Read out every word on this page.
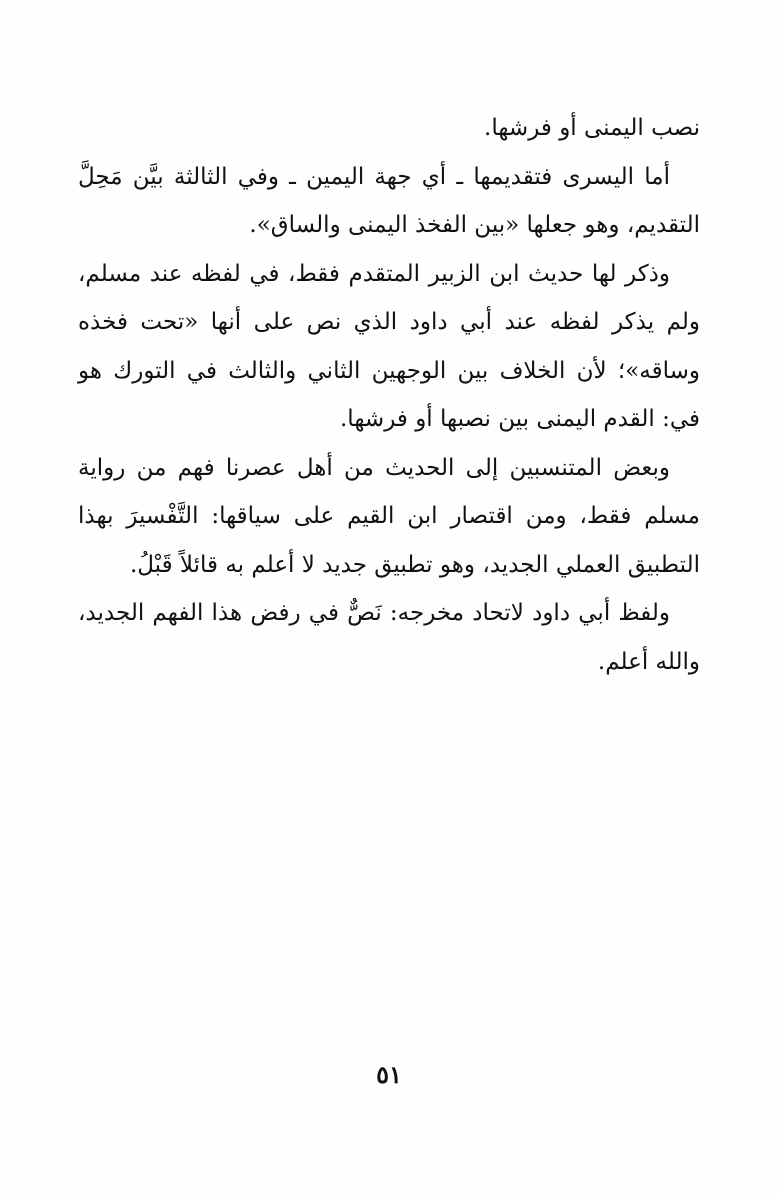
نصب اليمنى أو فرشها.

أما اليسرى فتقديمها ـ أي جهة اليمين ـ وفي الثالثة بيَّن مَحِلَّ التقديم، وهو جعلها «بين الفخذ اليمنى والساق».

وذكر لها حديث ابن الزبير المتقدم فقط، في لفظه عند مسلم، ولم يذكر لفظه عند أبي داود الذي نص على أنها «تحت فخذه وساقه»؛ لأن الخلاف بين الوجهين الثاني والثالث في التورك هو في: القدم اليمنى بين نصبها أو فرشها.

وبعض المتنسبين إلى الحديث من أهل عصرنا فهم من رواية مسلم فقط، ومن اقتصار ابن القيم على سياقها: التَّفْسيرَ بهذا التطبيق العملي الجديد، وهو تطبيق جديد لا أعلم به قائلاً قَبْلُ.

ولفظ أبي داود لاتحاد مخرجه: نَصٌّ في رفض هذا الفهم الجديد، والله أعلم.

٥١
